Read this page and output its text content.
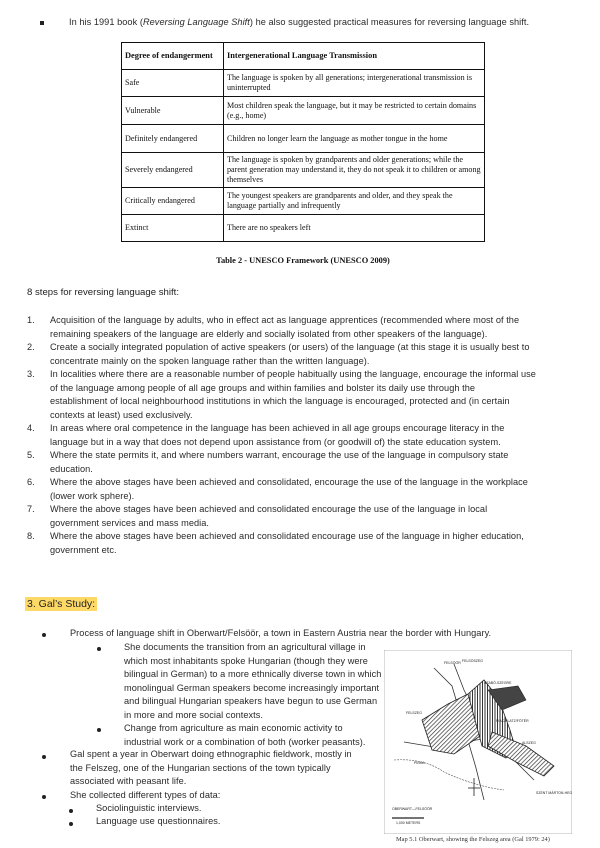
In his 1991 book (Reversing Language Shift) he also suggested practical measures for reversing language shift.
Degree of endangerment	Intergenerational Language Transmission
Safe	The language is spoken by all generations; intergenerational transmission is uninterrupted
Vulnerable	Most children speak the language, but it may be restricted to certain domains (e.g., home)
Definitely endangered	Children no longer learn the language as mother tongue in the home
Severely endangered	The language is spoken by grandparents and older generations; while the parent generation may understand it, they do not speak it to children or among themselves
Critically endangered	The youngest speakers are grandparents and older, and they speak the language partially and infrequently
Extinct	There are no speakers left
Table 2 - UNESCO Framework (UNESCO 2009)
8 steps for reversing language shift:
1. Acquisition of the language by adults, who in effect act as language apprentices (recommended where most of the
remaining speakers of the language are elderly and socially isolated from other speakers of the language).
2. Create a socially integrated population of active speakers (or users) of the language (at this stage it is usually best to
concentrate mainly on the spoken language rather than the written language).
3. In localities where there are a reasonable number of people habitually using the language, encourage the informal use
of the language among people of all age groups and within families and bolster its daily use through the
establishment of local neighbourhood institutions in which the language is encouraged, protected and (in certain
contexts at least) used exclusively.
4. In areas where oral competence in the language has been achieved in all age groups encourage literacy in the
language but in a way that does not depend upon assistance from (or goodwill of) the state education system.
5. Where the state permits it, and where numbers warrant, encourage the use of the language in compulsory state
education.
6. Where the above stages have been achieved and consolidated, encourage the use of the language in the workplace
(lower work sphere).
7. Where the above stages have been achieved and consolidated encourage the use of the language in local
government services and mass media.
8. Where the above stages have been achieved and consolidated encourage use of the language in higher education,
government etc.
3. Gal’s Study:
Process of language shift in Oberwart/Felsöör, a town in Eastern Austria near the border with Hungary.
She documents the transition from an agricultural village in
which most inhabitants spoke Hungarian (though they were
bilingual in German) to a more ethnically diverse town in which
monolingual German speakers become increasingly important
and bilingual Hungarian speakers have begun to use German
in more and more social contexts.
Change from agriculture as main economic activity to
industrial work or a combination of both (worker peasants).
Gal spent a year in Oberwart doing ethnographic fieldwork, mostly in
the Felszeg, one of the Hungarian sections of the town typically
associated with peasant life.
She collected different types of data:
Sociolinguistic interviews.
Language use questionnaires.
FELSÖSZEG
SZABÓ-SZEGRE
FELSZEG
PIAC/PLATZ/FÖTÉR
ALSZEG
FELSÖÖR
OBERWART—FELSÖÖR
1,000 METERS
SZENT MÁRTON-HEGY
PINKA
Map 5.1 Oberwart, showing the Felszeg area (Gal 1979: 24)
